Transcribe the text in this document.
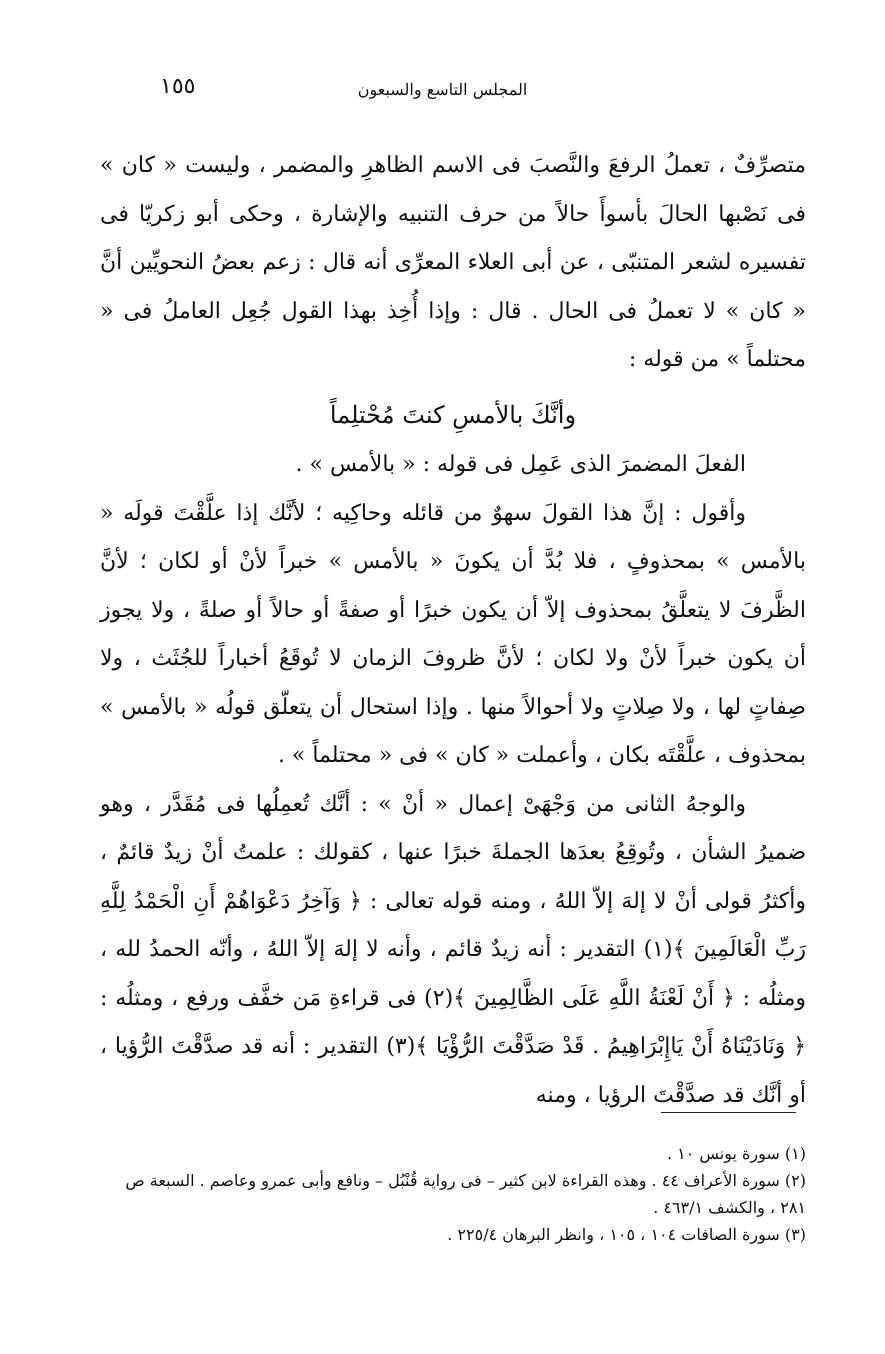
المجلس التاسع والسبعون
١٥٥

متصرِّفٌ ، تعملُ الرفعَ والنَّصبَ فى الاسم الظاهرِ والمضمر ، وليست « كان » فى نَصْبها الحالَ بأسوأَ حالاً من حرف التنبيه والإشارة ، وحكى أبو زكريّا فى تفسيره لشعر المتنبّى ، عن أبى العلاء المعرِّى أنه قال : زعم بعضُ النحويِّين أنَّ « كان » لا تعملُ فى الحال . قال : وإذا أُخِذ بهذا القول جُعِل العاملُ فى « محتلماً » من قوله :

وأنَّكَ بالأمسِ كنتَ مُحْتلِماً

الفعلَ المضمرَ الذى عَمِل فى قوله : « بالأمس » .

وأقول : إنَّ هذا القولَ سهوٌ من قائله وحاكِيه ؛ لأنَّك إذا علَّقْتَ قولَه « بالأمس » بمحذوفٍ ، فلا بُدَّ أن يكونَ « بالأمس » خبراً لأنْ أو لكان ؛ لأنَّ الظَّرفَ لا يتعلَّقُ بمحذوف إلاّ أن يكون خبرًا أو صفةً أو حالاً أو صلةً ، ولا يجوز أن يكون خبراً لأنْ ولا لكان ؛ لأنَّ ظروفَ الزمان لا تُوقَعُ أخباراً للجُثَث ، ولا صِفاتٍ لها ، ولا صِلاتٍ ولا أحوالاً منها . وإذا استحال أن يتعلّق قولُه « بالأمس » بمحذوف ، علَّقْتَه بكان ، وأعملت « كان » فى « محتلماً » .

والوجهُ الثانى من وَجْهَىْ إعمال « أنْ » : أنَّك تُعمِلُها فى مُقَدَّر ، وهو ضميرُ الشأن ، وتُوقِعُ بعدَها الجملةَ خبرًا عنها ، كقولك : علمتُ أنْ زيدٌ قائمٌ ، وأكثرُ قولى أنْ لا إلهَ إلاّ اللهُ ، ومنه قوله تعالى : ﴿ وَآخِرُ دَعْوَاهُمْ أَنِ الْحَمْدُ لِلَّهِ رَبِّ الْعَالَمِينَ ﴾(١) التقدير : أنه زيدٌ قائم ، وأنه لا إلهَ إلاّ اللهُ ، وأنّه الحمدُ لله ، ومثلُه : ﴿ أَنْ لَعْنَةُ اللَّهِ عَلَى الظَّالِمِينَ ﴾(٢) فى قراءةِ مَن خفَّف ورفع ، ومثلُه : ﴿ وَنَادَيْنَاهُ أَنْ يَاإِبْرَاهِيمُ . قَدْ صَدَّقْتَ الرُّؤْيَا ﴾(٣) التقدير : أنه قد صدَّقْتَ الرُّؤيا ، أو أنَّك قد صدَّقْتَ الرؤيا ، ومنه

(١) سورة يونس ١٠ .

(٢) سورة الأعراف ٤٤ . وهذه القراءة لابن كثير – فى رواية قُنْبُل – ونافع وأبى عمرو وعاصم . السبعة ص ٢٨١ ، والكشف ٤٦٣/١ .

(٣) سورة الصافات ١٠٤ ، ١٠٥ ، وانظر البرهان ٢٢٥/٤ .
